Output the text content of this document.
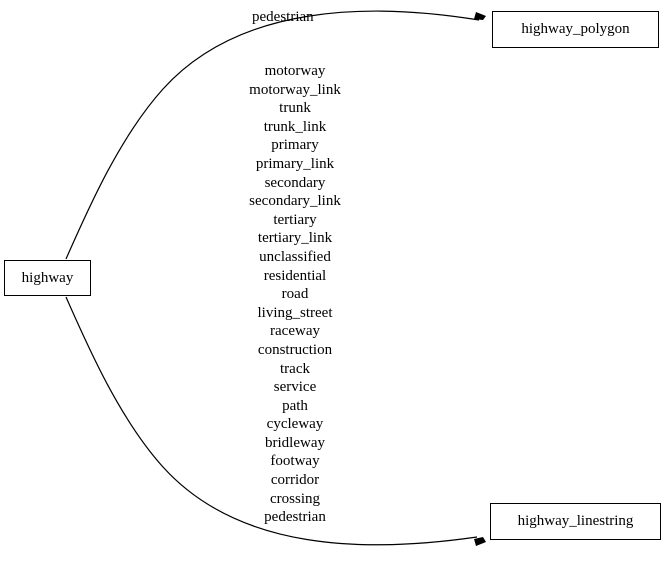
highway
highway_polygon
highway_linestring
pedestrian
motorway
motorway_link
trunk
trunk_link
primary
primary_link
secondary
secondary_link
tertiary
tertiary_link
unclassified
residential
road
living_street
raceway
construction
track
service
path
cycleway
bridleway
footway
corridor
crossing
pedestrian
